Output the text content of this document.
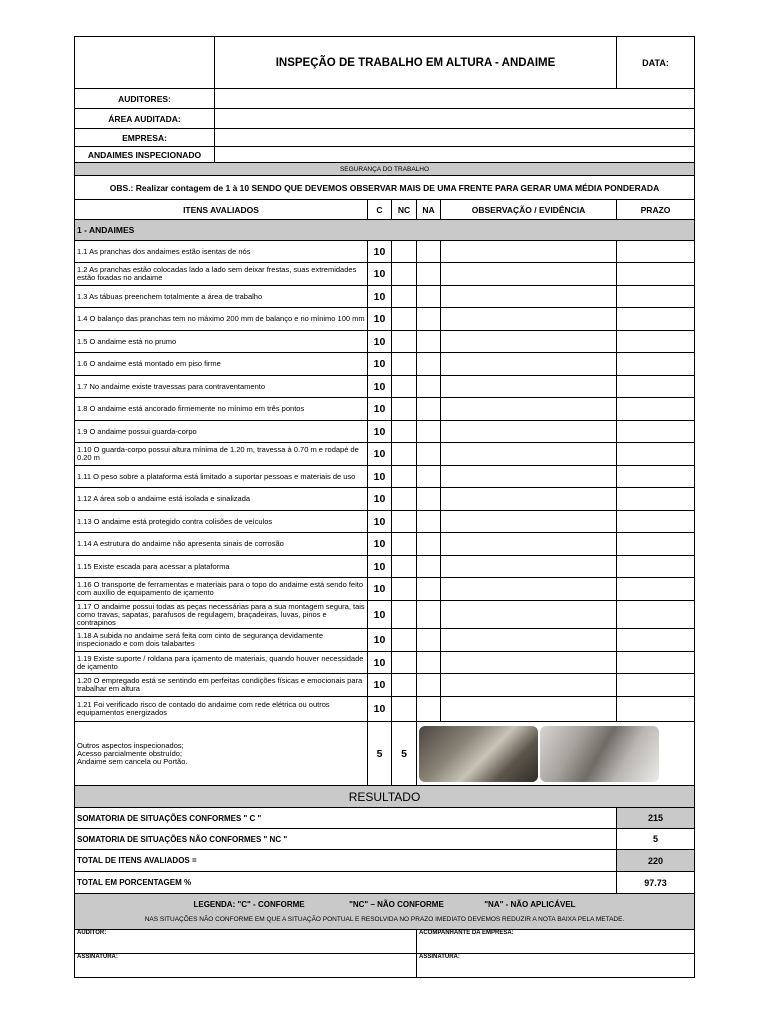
	INSPEÇÃO DE TRABALHO EM ALTURA - ANDAIME					DATA:
AUDITORES:						
ÁREA AUDITADA:						
EMPRESA:						
ANDAIMES INSPECIONADO						
SEGURANÇA DO TRABALHO						
OBS.: Realizar contagem de 1 à 10 SENDO QUE DEVEMOS OBSERVAR MAIS DE UMA FRENTE PARA GERAR UMA MÉDIA PONDERADA						
ITENS AVALIADOS		C	NC	NA	OBSERVAÇÃO / EVIDÊNCIA	PRAZO
1 - ANDAIMES						
1.1 As pranchas dos andaimes estão isentas de nós		10				
1.2 As pranchas estão colocadas lado a lado sem deixar frestas, suas extremidades estão fixadas no andaime		10				
1.3 As tábuas preenchem totalmente a área de trabalho		10				
1.4 O balanço das pranchas tem no máximo 200 mm de balanço e no mínimo 100 mm		10				
1.5 O andaime está no prumo		10				
1.6 O andaime está montado em piso firme		10				
1.7 No andaime existe travessas para contraventamento		10				
1.8 O andaime está ancorado firmemente no mínimo em três pontos		10				
1.9 O andaime possui guarda-corpo		10				
1.10 O guarda-corpo possui altura mínima de 1.20 m, travessa à 0.70 m e rodapé de 0.20 m		10				
1.11 O peso sobre a plataforma está limitado a suportar pessoas e materiais de uso		10				
1.12 A área sob o andaime está isolada e sinalizada		10				
1.13 O andaime está protegido contra colisões de veículos		10				
1.14 A estrutura do andaime não apresenta sinais de corrosão		10				
1.15 Existe escada para acessar a plataforma		10				
1.16 O transporte de ferramentas e materiais para o topo do andaime está sendo feito com auxílio de equipamento de içamento		10				
1.17 O andaime possui todas as peças necessárias para a sua montagem segura, tais como travas, sapatas, parafusos de regulagem, braçadeiras, luvas, pinos e contrapinos		10				
1.18 A subida no andaime será feita com cinto de segurança devidamente inspecionado e com dois talabartes		10				
1.19 Existe suporte / roldana para içamento de materiais, quando houver necessidade de içamento		10				
1.20 O empregado está se sentindo em perfeitas condições físicas e emocionais para trabalhar em altura		10				
1.21 Foi verificado risco de contado do andaime com rede elétrica ou outros equipamentos energizados		10				

Outros aspectos inspecionados;
Acesso parcialmente obstruído;
Andaime sem cancela ou Portão.		5	5			
RESULTADO						
SOMATORIA DE SITUAÇÕES CONFORMES " C "						215
SOMATORIA DE SITUAÇÕES NÃO CONFORMES " NC "						5
TOTAL DE ITENS AVALIADOS =						220
TOTAL EM PORCENTAGEM %						97.73

LEGENDA: "C" - CONFORME "NC" – NÃO CONFORME "NA" - NÃO APLICÁVEL
NAS SITUAÇÕES NÃO CONFORME EM QUE A SITUAÇÃO PONTUAL E RESOLVIDA NO PRAZO IMEDIATO DEVEMOS REDUZIR A NOTA BAIXA PELA METADE.						

AUDITOR:				ACOMPANHANTE DA EMPRESA:		
ASSINATURA:				ASSINATURA:		
